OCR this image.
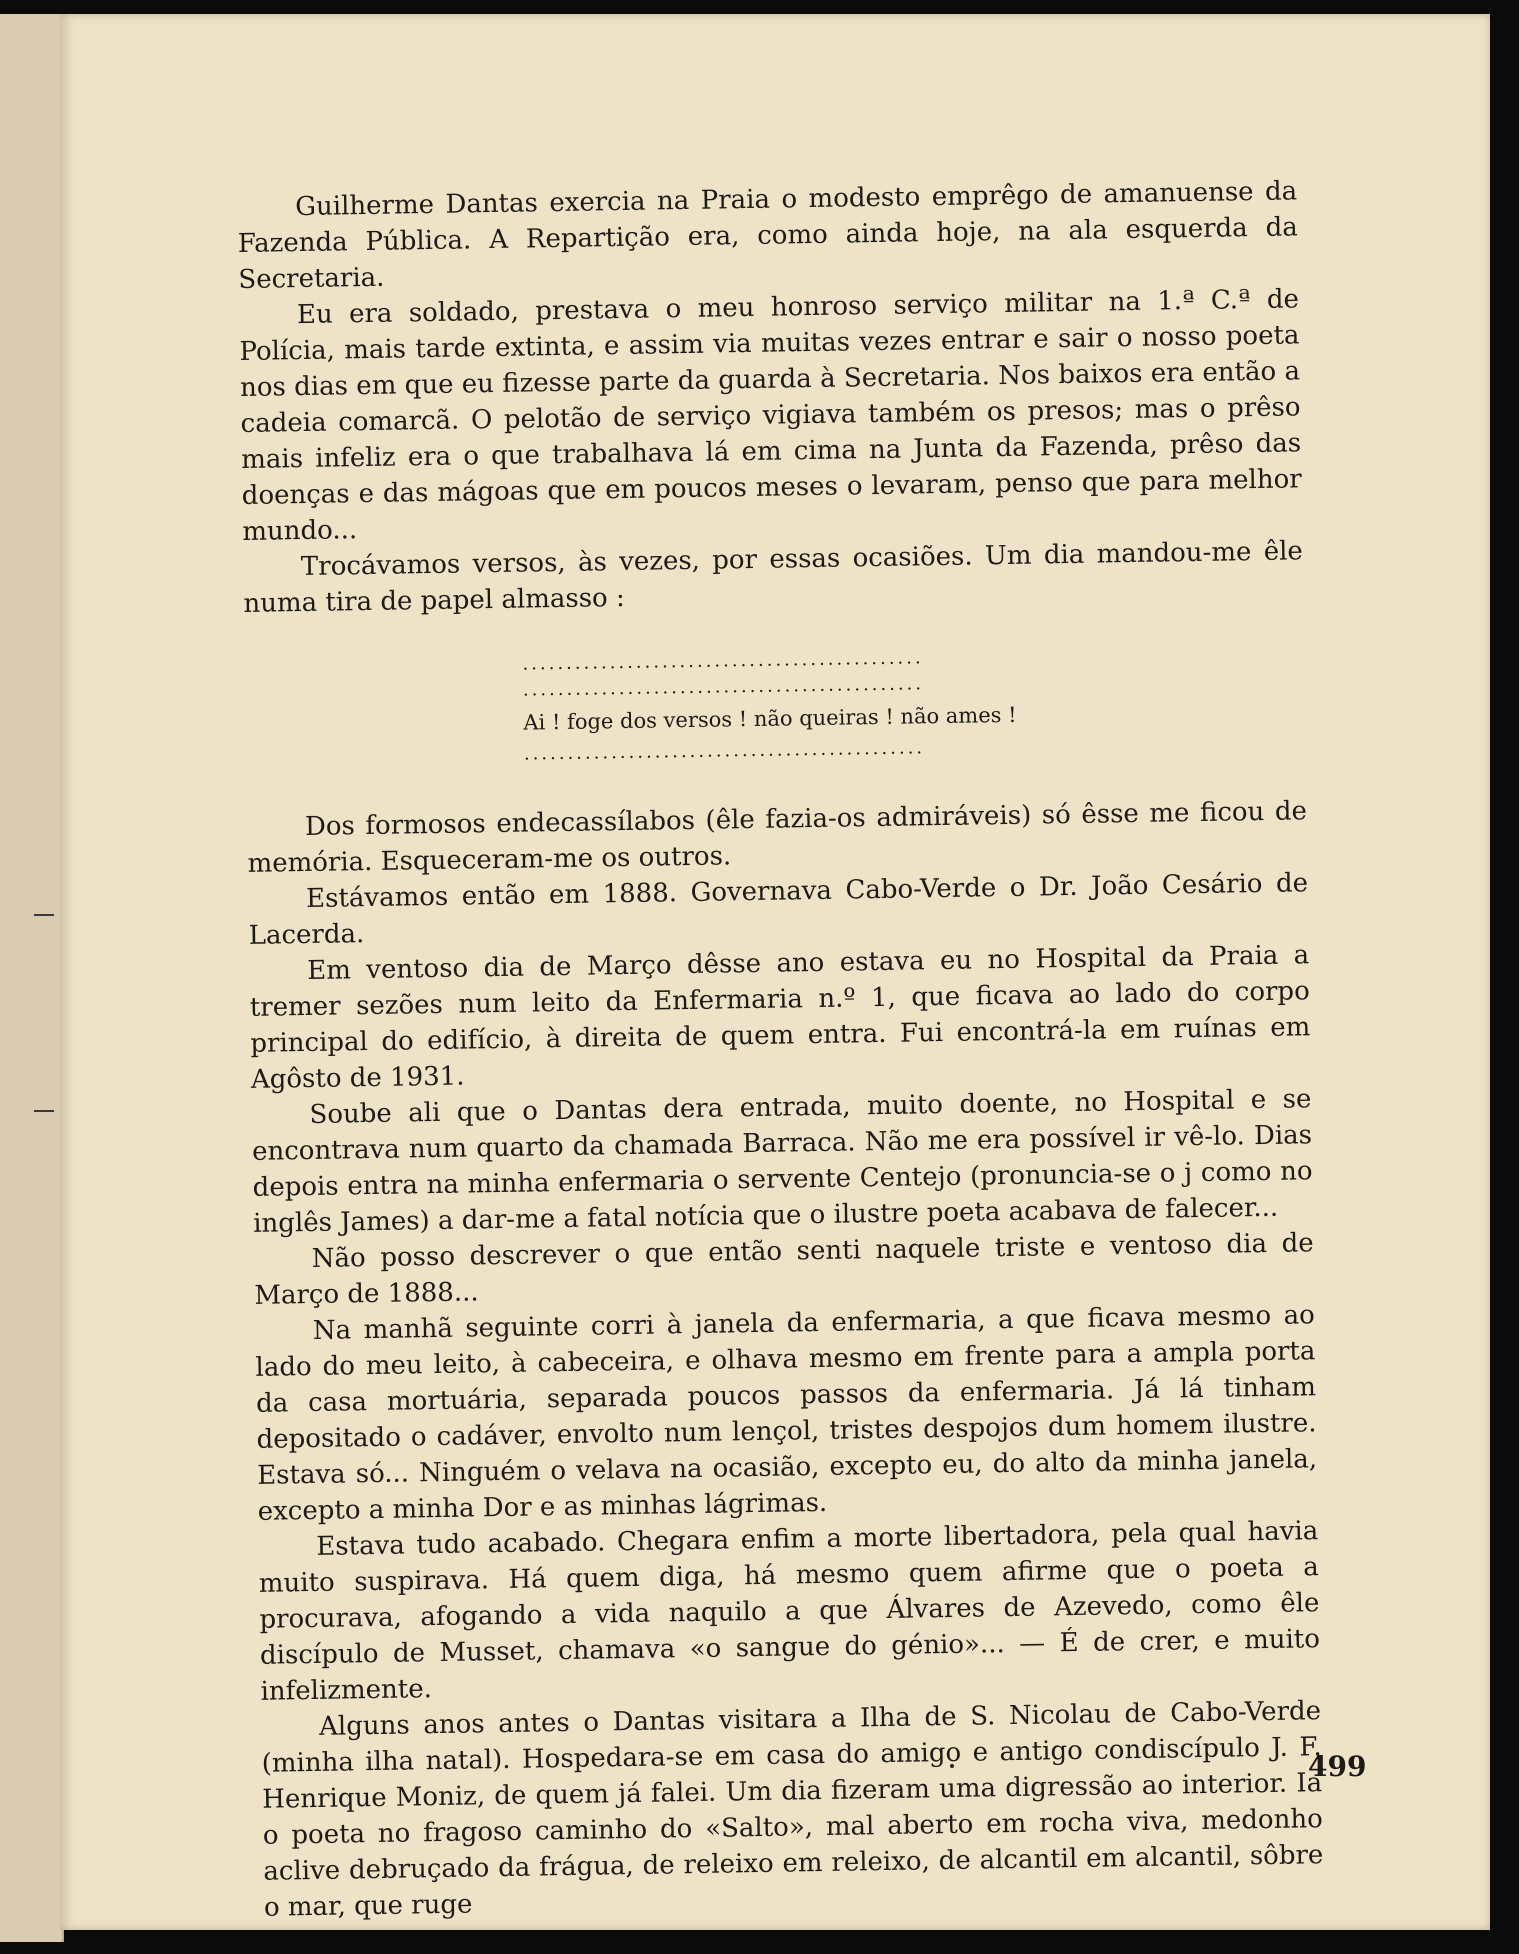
Guilherme Dantas exercia na Praia o modesto emprêgo de amanuense da Fazenda Pública. A Repartição era, como ainda hoje, na ala esquerda da Secretaria.

Eu era soldado, prestava o meu honroso serviço militar na 1.ª C.ª de Polícia, mais tarde extinta, e assim via muitas vezes entrar e sair o nosso poeta nos dias em que eu fizesse parte da guarda à Secretaria. Nos baixos era então a cadeia comarcã. O pelotão de serviço vigiava também os presos; mas o prêso mais infeliz era o que trabalhava lá em cima na Junta da Fazenda, prêso das doenças e das mágoas que em poucos meses o levaram, penso que para melhor mundo...

Trocávamos versos, às vezes, por essas ocasiões. Um dia mandou-me êle numa tira de papel almasso :

..............................................
..............................................
Ai ! foge dos versos ! não queiras ! não ames !
..............................................

Dos formosos endecassílabos (êle fazia-os admiráveis) só êsse me ficou de memória. Esqueceram-me os outros.

Estávamos então em 1888. Governava Cabo-Verde o Dr. João Cesário de Lacerda.

Em ventoso dia de Março dêsse ano estava eu no Hospital da Praia a tremer sezões num leito da Enfermaria n.º 1, que ficava ao lado do corpo principal do edifício, à direita de quem entra. Fui encontrá-la em ruínas em Agôsto de 1931.

Soube ali que o Dantas dera entrada, muito doente, no Hospital e se encontrava num quarto da chamada Barraca. Não me era possível ir vê-lo. Dias depois entra na minha enfermaria o servente Centejo (pronuncia-se o j como no inglês James) a dar-me a fatal notícia que o ilustre poeta acabava de falecer...

Não posso descrever o que então senti naquele triste e ventoso dia de Março de 1888...

Na manhã seguinte corri à janela da enfermaria, a que ficava mesmo ao lado do meu leito, à cabeceira, e olhava mesmo em frente para a ampla porta da casa mortuária, separada poucos passos da enfermaria. Já lá tinham depositado o cadáver, envolto num lençol, tristes despojos dum homem ilustre. Estava só... Ninguém o velava na ocasião, excepto eu, do alto da minha janela, excepto a minha Dor e as minhas lágrimas.

Estava tudo acabado. Chegara enfim a morte libertadora, pela qual havia muito suspirava. Há quem diga, há mesmo quem afirme que o poeta a procurava, afogando a vida naquilo a que Álvares de Azevedo, como êle discípulo de Musset, chamava «o sangue do génio»... — É de crer, e muito infelizmente.

Alguns anos antes o Dantas visitara a Ilha de S. Nicolau de Cabo-Verde (minha ilha natal). Hospedara-se em casa do amigo e antigo condiscípulo J. F. Henrique Moniz, de quem já falei. Um dia fizeram uma digressão ao interior. Ia o poeta no fragoso caminho do «Salto», mal aberto em rocha viva, medonho aclive debruçado da frágua, de releixo em releixo, de alcantil em alcantil, sôbre o mar, que ruge

499
